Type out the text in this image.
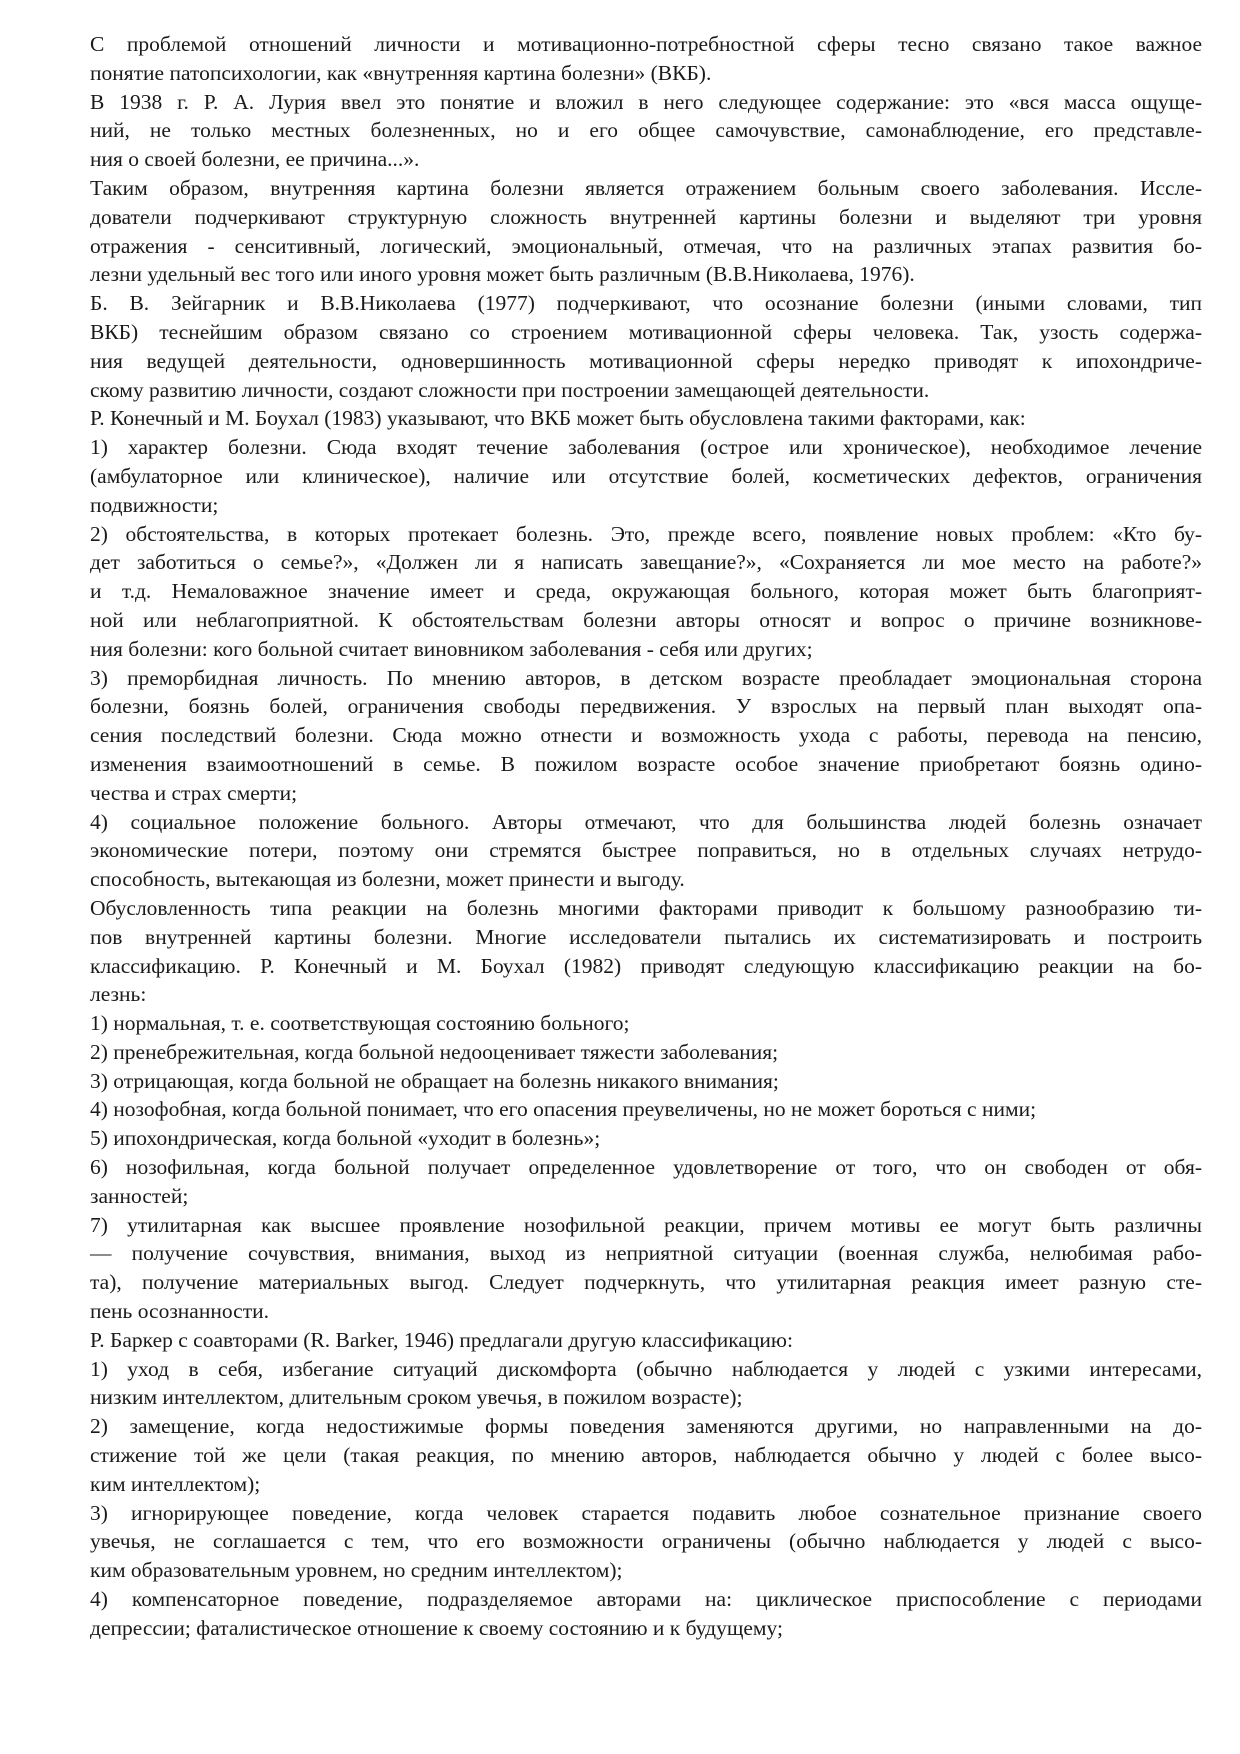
С проблемой отношений личности и мотивационно-потребностной сферы тесно связано такое важное
понятие патопсихологии, как «внутренняя картина болезни» (ВКБ).
В 1938 г. Р. А. Лурия ввел это понятие и вложил в него следующее содержание: это «вся масса ощуще-
ний, не только местных болезненных, но и его общее самочувствие, самонаблюдение, его представле-
ния о своей болезни, ее причина...».
Таким образом, внутренняя картина болезни является отражением больным своего заболевания. Иссле-
дователи подчеркивают структурную сложность внутренней картины болезни и выделяют три уровня
отражения - сенситивный, логический, эмоциональный, отмечая, что на различных этапах развития бо-
лезни удельный вес того или иного уровня может быть различным (В.В.Николаева, 1976).
Б. В. Зейгарник и В.В.Николаева (1977) подчеркивают, что осознание болезни (иными словами, тип
ВКБ) теснейшим образом связано со строением мотивационной сферы человека. Так, узость содержа-
ния ведущей деятельности, одновершинность мотивационной сферы нередко приводят к ипохондриче-
скому развитию личности, создают сложности при построении замещающей деятельности.
Р. Конечный и М. Боухал (1983) указывают, что ВКБ может быть обусловлена такими факторами, как:
1) характер болезни. Сюда входят течение заболевания (острое или хроническое), необходимое лечение
(амбулаторное или клиническое), наличие или отсутствие болей, косметических дефектов, ограничения
подвижности;
2) обстоятельства, в которых протекает болезнь. Это, прежде всего, появление новых проблем: «Кто бу-
дет заботиться о семье?», «Должен ли я написать завещание?», «Сохраняется ли мое место на работе?»
и т.д. Немаловажное значение имеет и среда, окружающая больного, которая может быть благоприят-
ной или неблагоприятной. К обстоятельствам болезни авторы относят и вопрос о причине возникнове-
ния болезни: кого больной считает виновником заболевания - себя или других;
3) преморбидная личность. По мнению авторов, в детском возрасте преобладает эмоциональная сторона
болезни, боязнь болей, ограничения свободы передвижения. У взрослых на первый план выходят опа-
сения последствий болезни. Сюда можно отнести и возможность ухода с работы, перевода на пенсию,
изменения взаимоотношений в семье. В пожилом возрасте особое значение приобретают боязнь одино-
чества и страх смерти;
4) социальное положение больного. Авторы отмечают, что для большинства людей болезнь означает
экономические потери, поэтому они стремятся быстрее поправиться, но в отдельных случаях нетрудо-
способность, вытекающая из болезни, может принести и выгоду.
Обусловленность типа реакции на болезнь многими факторами приводит к большому разнообразию ти-
пов внутренней картины болезни. Многие исследователи пытались их систематизировать и построить
классификацию. Р. Конечный и М. Боухал (1982) приводят следующую классификацию реакции на бо-
лезнь:
1) нормальная, т. е. соответствующая состоянию больного;
2) пренебрежительная, когда больной недооценивает тяжести заболевания;
3) отрицающая, когда больной не обращает на болезнь никакого внимания;
4) нозофобная, когда больной понимает, что его опасения преувеличены, но не может бороться с ними;
5) ипохондрическая, когда больной «уходит в болезнь»;
6) нозофильная, когда больной получает определенное удовлетворение от того, что он свободен от обя-
занностей;
7) утилитарная как высшее проявление нозофильной реакции, причем мотивы ее могут быть различны
— получение сочувствия, внимания, выход из неприятной ситуации (военная служба, нелюбимая рабо-
та), получение материальных выгод. Следует подчеркнуть, что утилитарная реакция имеет разную сте-
пень осознанности.
Р. Баркер с соавторами (R. Barker, 1946) предлагали другую классификацию:
1) уход в себя, избегание ситуаций дискомфорта (обычно наблюдается у людей с узкими интересами,
низким интеллектом, длительным сроком увечья, в пожилом возрасте);
2) замещение, когда недостижимые формы поведения заменяются другими, но направленными на до-
стижение той же цели (такая реакция, по мнению авторов, наблюдается обычно у людей с более высо-
ким интеллектом);
3) игнорирующее поведение, когда человек старается подавить любое сознательное признание своего
увечья, не соглашается с тем, что его возможности ограничены (обычно наблюдается у людей с высо-
ким образовательным уровнем, но средним интеллектом);
4) компенсаторное поведение, подразделяемое авторами на: циклическое приспособление с периодами
депрессии; фаталистическое отношение к своему состоянию и к будущему;
